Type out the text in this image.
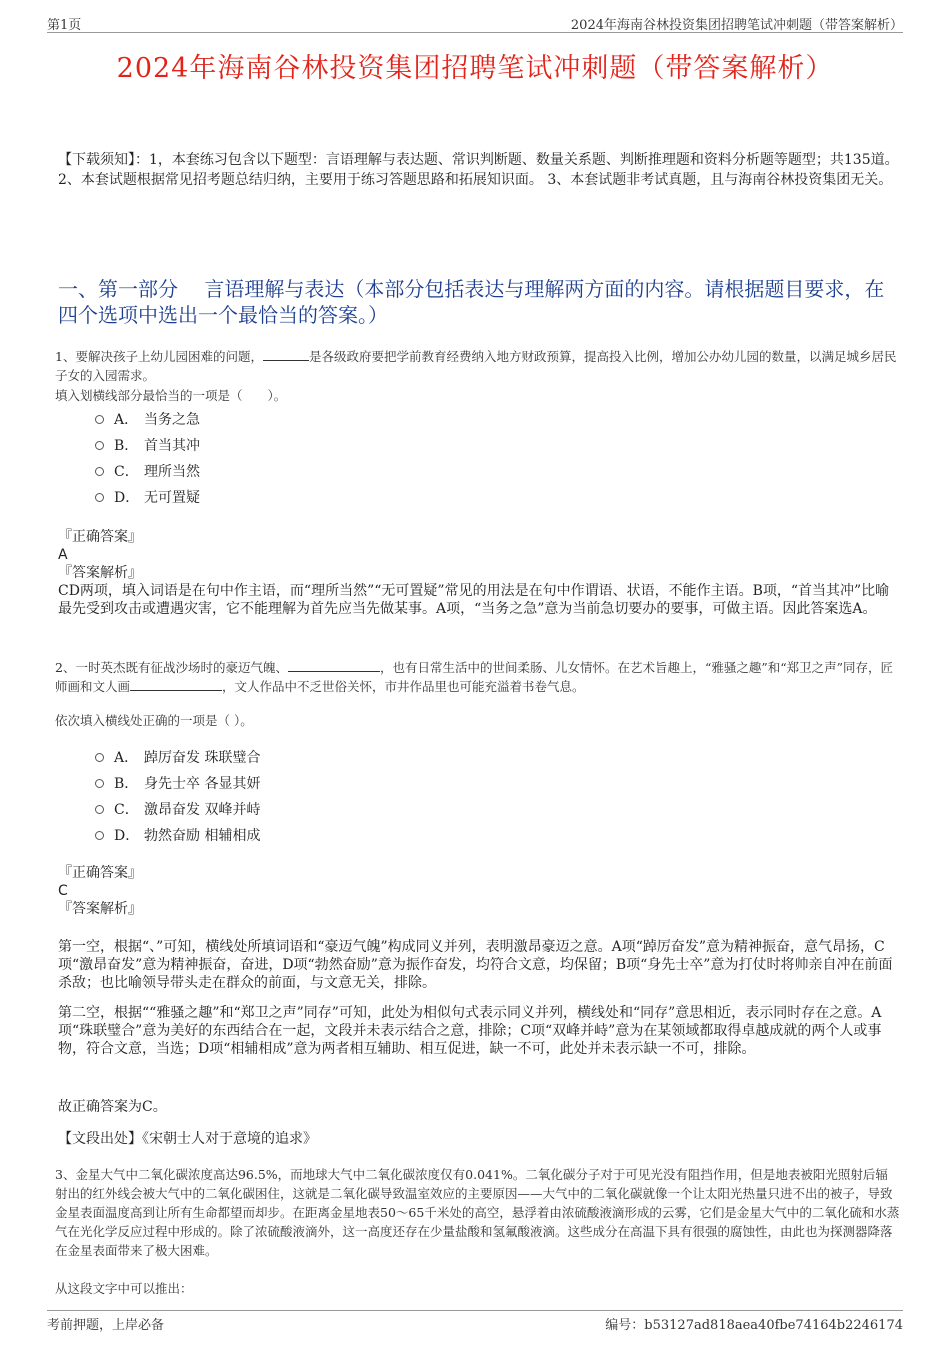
第1页	2024年海南谷林投资集团招聘笔试冲刺题（带答案解析）
2024年海南谷林投资集团招聘笔试冲刺题（带答案解析）
【下载须知】：1，本套练习包含以下题型：言语理解与表达题、常识判断题、数量关系题、判断推理题和资料分析题等题型；共135道。 2、本套试题根据常见招考题总结归纳，主要用于练习答题思路和拓展知识面。 3、本套试题非考试真题，且与海南谷林投资集团无关。
一、第一部分　 言语理解与表达（本部分包括表达与理解两方面的内容。请根据题目要求，在四个选项中选出一个最恰当的答案。）
1、要解决孩子上幼儿园困难的问题，	是各级政府要把学前教育经费纳入地方财政预算，提高投入比例，增加公办幼儿园的数量，以满足城乡居民子女的入园需求。
填入划横线部分最恰当的一项是（　　）。
A． 当务之急
B． 首当其冲
C． 理所当然
D． 无可置疑
『正确答案』
A
『答案解析』
CD两项，填入词语是在句中作主语，而“理所当然”“无可置疑”常见的用法是在句中作谓语、状语，不能作主语。B项，“首当其冲”比喻最先受到攻击或遭遇灾害，它不能理解为首先应当先做某事。A项，“当务之急”意为当前急切要办的要事，可做主语。因此答案选A。
2、一时英杰既有征战沙场时的豪迈气魄、	，也有日常生活中的世间柔肠、儿女情怀。在艺术旨趣上，“雅骚之趣”和“郑卫之声”同存，匠师画和文人画	，文人作品中不乏世俗关怀，市井作品里也可能充溢着书卷气息。
依次填入横线处正确的一项是（ ）。
A． 踔厉奋发 珠联璧合
B． 身先士卒 各显其妍
C． 激昂奋发 双峰并峙
D． 勃然奋励 相辅相成
『正确答案』
C
『答案解析』
第一空，根据“、”可知，横线处所填词语和“豪迈气魄”构成同义并列，表明激昂豪迈之意。A项“踔厉奋发”意为精神振奋，意气昂扬，C项“激昂奋发”意为精神振奋，奋进，D项“勃然奋励”意为振作奋发，均符合文意，均保留；B项“身先士卒”意为打仗时将帅亲自冲在前面杀敌；也比喻领导带头走在群众的前面，与文意无关，排除。
第二空，根据““雅骚之趣”和“郑卫之声”同存”可知，此处为相似句式表示同义并列，横线处和“同存”意思相近，表示同时存在之意。A项“珠联璧合”意为美好的东西结合在一起，文段并未表示结合之意，排除；C项“双峰并峙”意为在某领域都取得卓越成就的两个人或事物，符合文意，当选；D项“相辅相成”意为两者相互辅助、相互促进，缺一不可，此处并未表示缺一不可，排除。
故正确答案为C。
【文段出处】《宋朝士人对于意境的追求》
3、金星大气中二氧化碳浓度高达96.5%，而地球大气中二氧化碳浓度仅有0.041%。二氧化碳分子对于可见光没有阻挡作用，但是地表被阳光照射后辐射出的红外线会被大气中的二氧化碳困住，这就是二氧化碳导致温室效应的主要原因——大气中的二氧化碳就像一个让太阳光热量只进不出的被子，导致金星表面温度高到让所有生命都望而却步。在距离金星地表50～65千米处的高空，悬浮着由浓硫酸液滴形成的云雾，它们是金星大气中的二氧化硫和水蒸气在光化学反应过程中形成的。除了浓硫酸液滴外，这一高度还存在少量盐酸和氢氟酸液滴。这些成分在高温下具有很强的腐蚀性，由此也为探测器降落在金星表面带来了极大困难。
从这段文字中可以推出：
考前押题，上岸必备	编号：b53127ad818aea40fbe74164b2246174
